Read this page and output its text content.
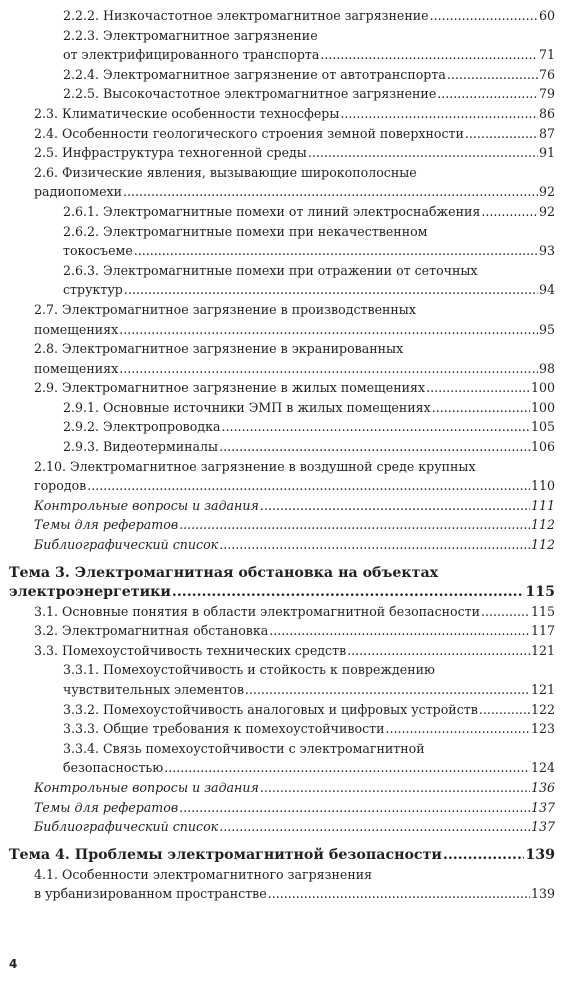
2.2.2. Низкочастотное электромагнитное загрязнение .....	60
2.2.3. Электромагнитное загрязнение
от электрифицированного транспорта .....	71
2.2.4. Электромагнитное загрязнение от автотранспорта .....	76
2.2.5. Высокочастотное электромагнитное загрязнение .....	79
2.3. Климатические особенности техносферы .....	86
2.4. Особенности геологического строения земной поверхности .....	87
2.5. Инфраструктура техногенной среды .....	91
2.6. Физические явления, вызывающие широкополосные
радиопомехи .....	92
2.6.1. Электромагнитные помехи от линий электроснабжения .....	92
2.6.2. Электромагнитные помехи при некачественном
токосъеме .....	93
2.6.3. Электромагнитные помехи при отражении от сеточных
структур .....	94
2.7. Электромагнитное загрязнение в производственных
помещениях .....	95
2.8. Электромагнитное загрязнение в экранированных
помещениях .....	98
2.9. Электромагнитное загрязнение в жилых помещениях .....	100
2.9.1. Основные источники ЭМП в жилых помещениях .....	100
2.9.2. Электропроводка .....	105
2.9.3. Видеотерминалы .....	106
2.10. Электромагнитное загрязнение в воздушной среде крупных
городов .....	110
Контрольные вопросы и задания .....	111
Темы для рефератов .....	112
Библиографический список .....	112
Тема 3. Электромагнитная обстановка на объектах
электроэнергетики .....	115
3.1. Основные понятия в области электромагнитной безопасности .....	115
3.2. Электромагнитная обстановка .....	117
3.3. Помехоустойчивость технических средств .....	121
3.3.1. Помехоустойчивость и стойкость к повреждению
чувствительных элементов .....	121
3.3.2. Помехоустойчивость аналоговых и цифровых устройств .....	122
3.3.3. Общие требования к помехоустойчивости .....	123
3.3.4. Связь помехоустойчивости с электромагнитной
безопасностью .....	124
Контрольные вопросы и задания .....	136
Темы для рефератов .....	137
Библиографический список .....	137
Тема 4. Проблемы электромагнитной безопасности .....	139
4.1. Особенности электромагнитного загрязнения
в урбанизированном пространстве .....	139
4
